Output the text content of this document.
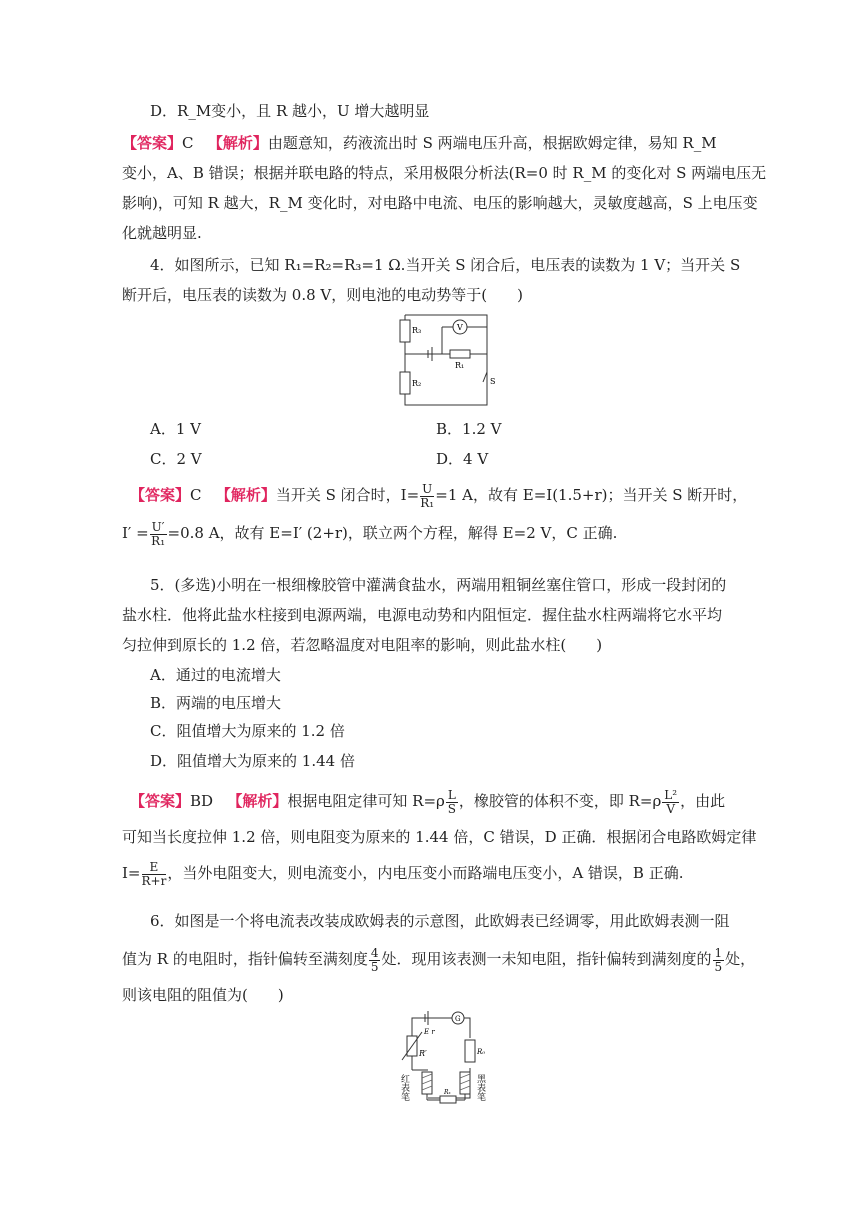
D．R_M变小，且 R 越小，U 增大越明显
【答案】C 【解析】由题意知，药液流出时 S 两端电压升高，根据欧姆定律，易知 R_M
变小，A、B 错误；根据并联电路的特点，采用极限分析法(R=0 时 R_M 的变化对 S 两端电压无
影响)，可知 R 越大，R_M 变化时，对电路中电流、电压的影响越大，灵敏度越高，S 上电压变
化就越明显.
4．如图所示，已知 R₁=R₂=R₃=1 Ω.当开关 S 闭合后，电压表的读数为 1 V；当开关 S
断开后，电压表的读数为 0.8 V，则电池的电动势等于(　　)
R₃
R₂
R₁
V
S
A．1 V	B．1.2 V
C．2 V	D．4 V
【答案】C 【解析】当开关 S 闭合时，$I= \frac{U}{\text{R₁}} =1$ A，故有 E=I(1.5+r)；当开关 S 断开时，
$I' = \frac{U'}{\text{R₁}} =0.8$ A，故有 E=I′ (2+r)，联立两个方程，解得 E=2 V，C 正确.
5．(多选)小明在一根细橡胶管中灌满食盐水，两端用粗铜丝塞住管口，形成一段封闭的
盐水柱．他将此盐水柱接到电源两端，电源电动势和内阻恒定．握住盐水柱两端将它水平均
匀拉伸到原长的 1.2 倍，若忽略温度对电阻率的影响，则此盐水柱(　　)
A．通过的电流增大
B．两端的电压增大
C．阻值增大为原来的 1.2 倍
D．阻值增大为原来的 1.44 倍
【答案】BD 【解析】根据电阻定律可知 $R=\rho \frac{L}{S}$ ，橡胶管的体积不变，即 $R=\rho \frac{\text{L²}}{V}$ ，由此
可知当长度拉伸 1.2 倍，则电阻变为原来的 1.44 倍，C 错误，D 正确．根据闭合电路欧姆定律
$I= \frac{E}{R+r}$ ，当外电阻变大，则电流变小，内电压变小而路端电压变小，A 错误，B 正确.
6．如图是一个将电流表改装成欧姆表的示意图，此欧姆表已经调零，用此欧姆表测一阻
值为 R 的电阻时，指针偏转至满刻度 $\frac{4}{5}$ 处．现用该表测一未知电阻，指针偏转到满刻度的 $\frac{1}{5}$ 处，
则该电阻的阻值为(　　)
G
E r
R′	R₀
Rₓ
红表笔	黑表笔
